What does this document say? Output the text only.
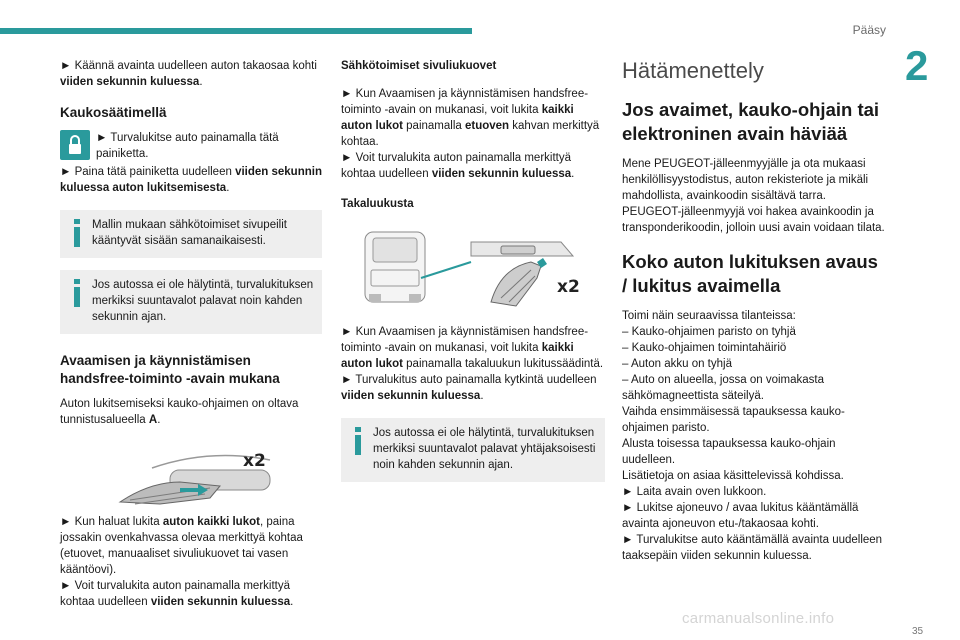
Pääsy
2

► Käännä avainta uudelleen auton takaosaa kohti viiden sekunnin kuluessa.

Kaukosäätimellä
► Turvalukitse auto painamalla tätä painiketta.

► Paina tätä painiketta uudelleen viiden sekunnin kuluessa auton lukitsemisesta.

Mallin mukaan sähkötoimiset sivupeilit kääntyvät sisään samanaikaisesti.
Jos autossa ei ole hälytintä, turvalukituksen merkiksi suuntavalot palavat noin kahden sekunnin ajan.
Avaamisen ja käynnistämisen handsfree-toiminto -avain mukana

Auton lukitsemiseksi kauko-ohjaimen on oltava tunnistusalueella A.

x2

► Kun haluat lukita auton kaikki lukot, paina jossakin ovenkahvassa olevaa merkittyä kohtaa (etuovet, manuaaliset sivuliukuovet tai vasen kääntöovi).
► Voit turvalukita auton painamalla merkittyä kohtaa uudelleen viiden sekunnin kuluessa.

Sähkötoimiset sivuliukuovet

► Kun Avaamisen ja käynnistämisen handsfree-toiminto -avain on mukanasi, voit lukita kaikki auton lukot painamalla etuoven kahvan merkittyä kohtaa.
► Voit turvalukita auton painamalla merkittyä kohtaa uudelleen viiden sekunnin kuluessa.

Takaluukusta
x2

► Kun Avaamisen ja käynnistämisen handsfree-toiminto -avain on mukanasi, voit lukita kaikki auton lukot painamalla takaluukun lukitussäädintä.
► Turvalukitus auto painamalla kytkintä uudelleen viiden sekunnin kuluessa.

Jos autossa ei ole hälytintä, turvalukituksen merkiksi suuntavalot palavat yhtäjaksoisesti noin kahden sekunnin ajan.
Hätämenettely
Jos avaimet, kauko-ohjain tai elektroninen avain häviää

Mene PEUGEOT-jälleenmyyjälle ja ota mukaasi henkilöllisyystodistus, auton rekisteriote ja mikäli mahdollista, avainkoodin sisältävä tarra. PEUGEOT-jälleenmyyjä voi hakea avainkoodin ja transponderikoodin, jolloin uusi avain voidaan tilata.

Koko auton lukituksen avaus / lukitus avaimella
Toimi näin seuraavissa tilanteissa:
– Kauko-ohjaimen paristo on tyhjä
– Kauko-ohjaimen toimintahäiriö
– Auton akku on tyhjä
– Auto on alueella, jossa on voimakasta sähkömagneettista säteilyä.
Vaihda ensimmäisessä tapauksessa kauko-ohjaimen paristo.
Alusta toisessa tapauksessa kauko-ohjain uudelleen.
Lisätietoja on asiaa käsittelevissä kohdissa.
► Laita avain oven lukkoon.
► Lukitse ajoneuvo / avaa lukitus kääntämällä avainta ajoneuvon etu-/takaosaa kohti.
► Turvalukitse auto kääntämällä avainta uudelleen taaksepäin viiden sekunnin kuluessa.
35
carmanualsonline.info
